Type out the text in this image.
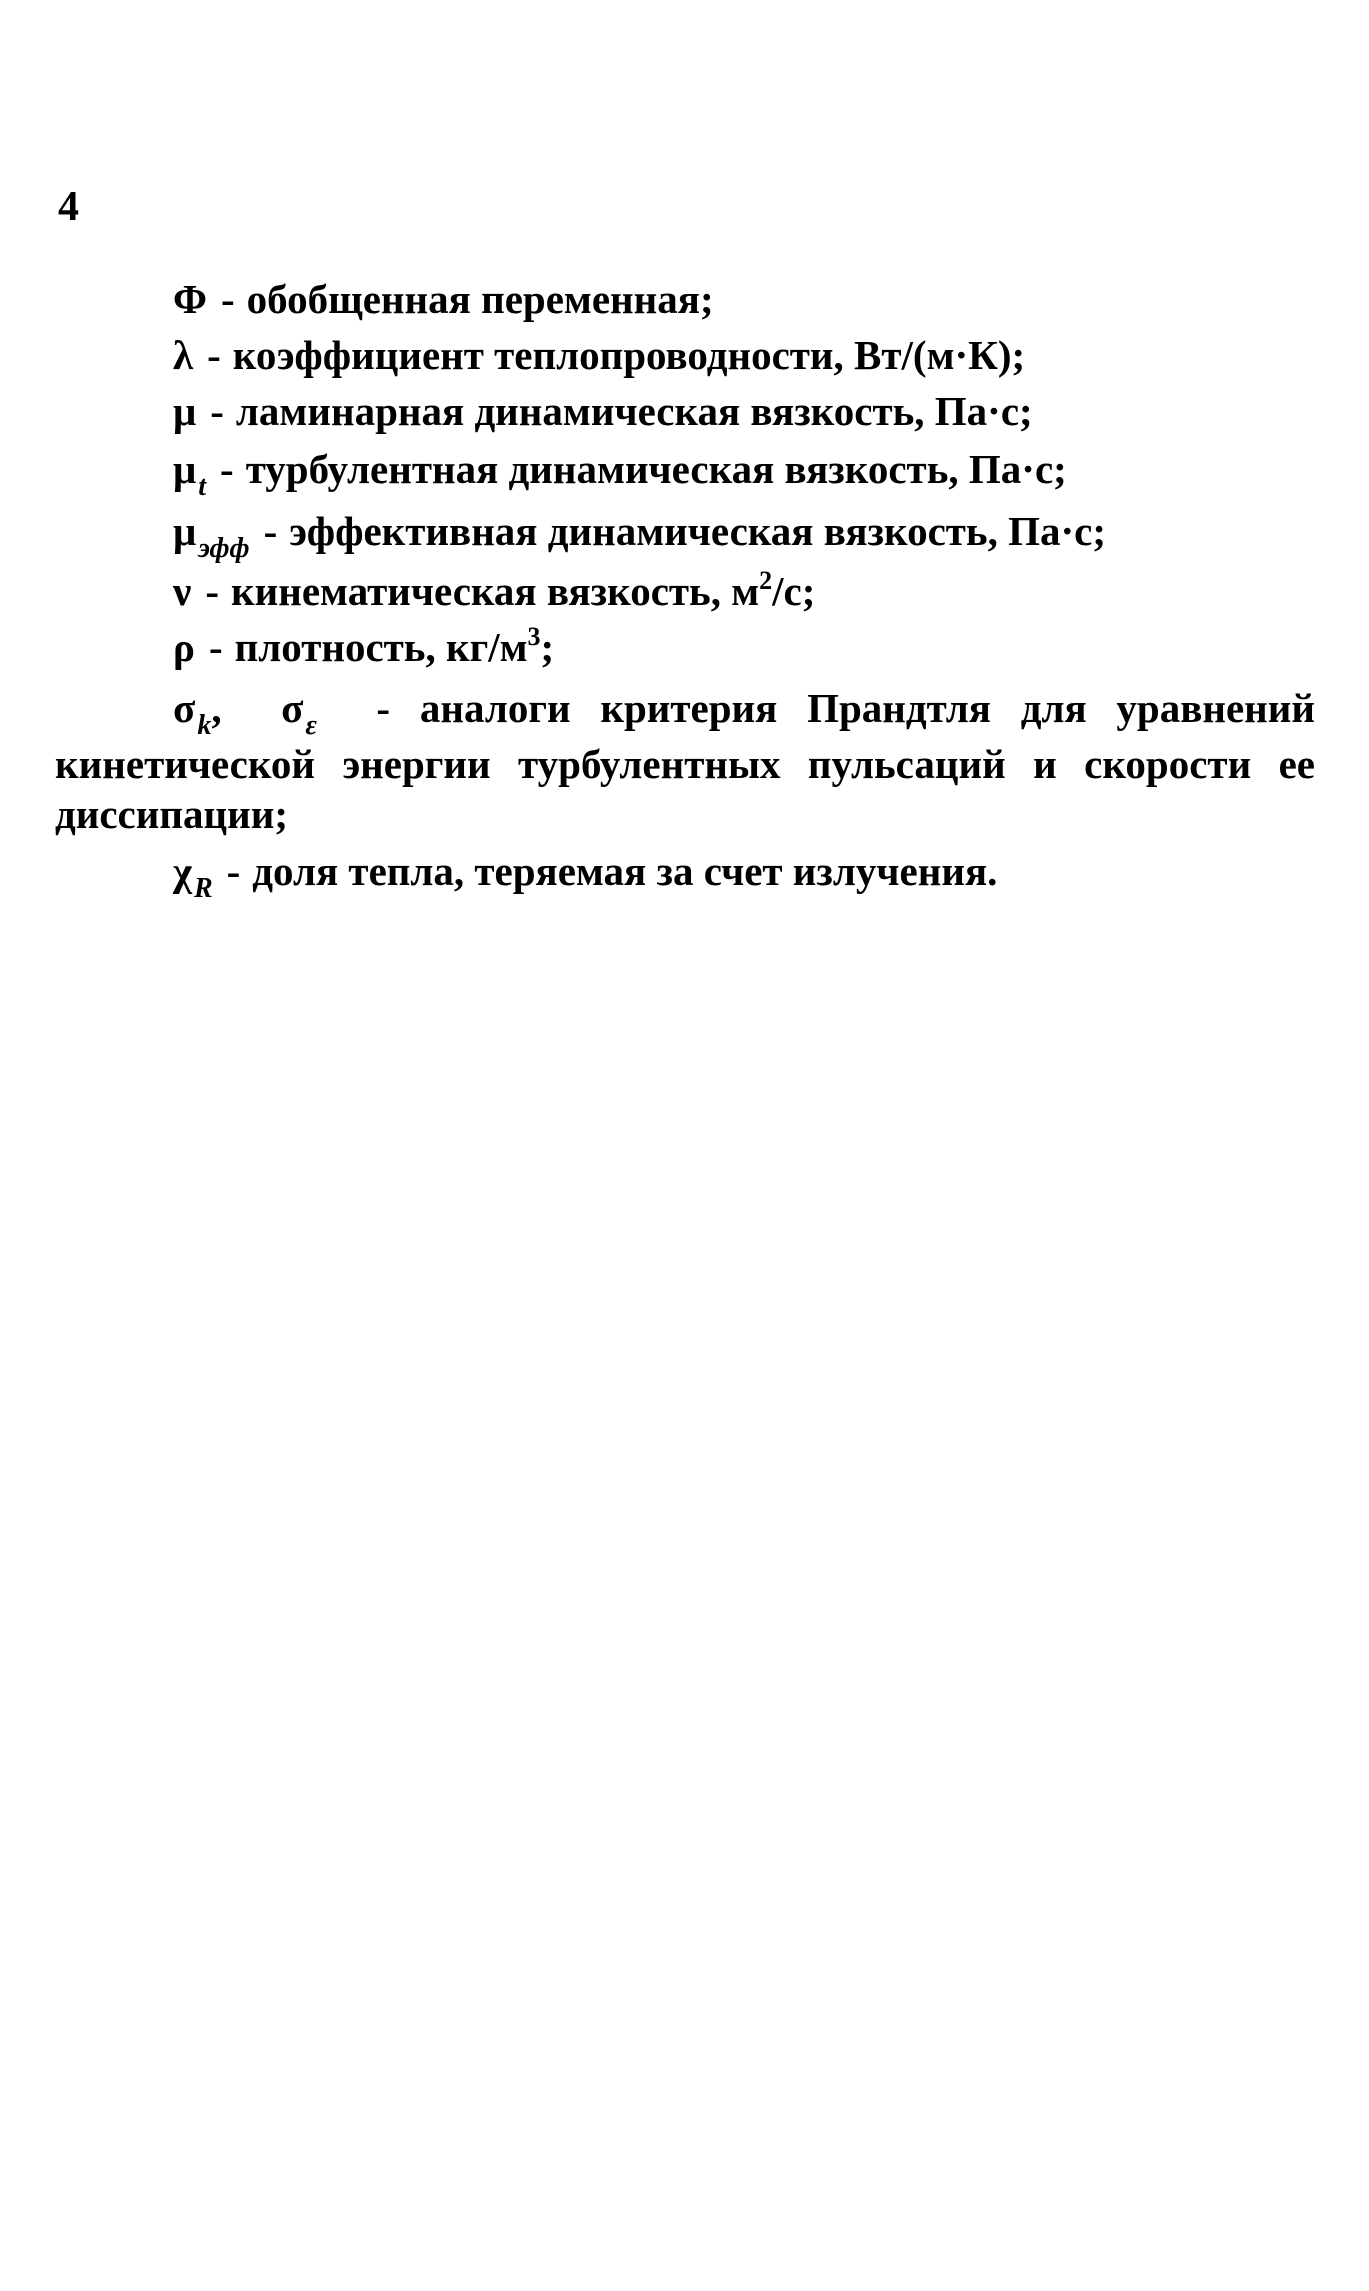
4
Φ - обобщенная переменная;
λ - коэффициент теплопроводности, Вт/(м·К);
μ - ламинарная динамическая вязкость, Па·с;
$\mu_t$ - турбулентная динамическая вязкость, Па·с;
$\mu_{эфф}$ - эффективная динамическая вязкость, Па·с;
ν - кинематическая вязкость, $м^2/с$;
ρ - плотность, $кг/м^3$;
$\sigma_k$, $\sigma_\varepsilon$ - аналоги критерия Прандтля для уравнений кинетической энергии турбулентных пульсаций и скорости ее диссипации;
$\chi_R$ - доля тепла, теряемая за счет излучения.
